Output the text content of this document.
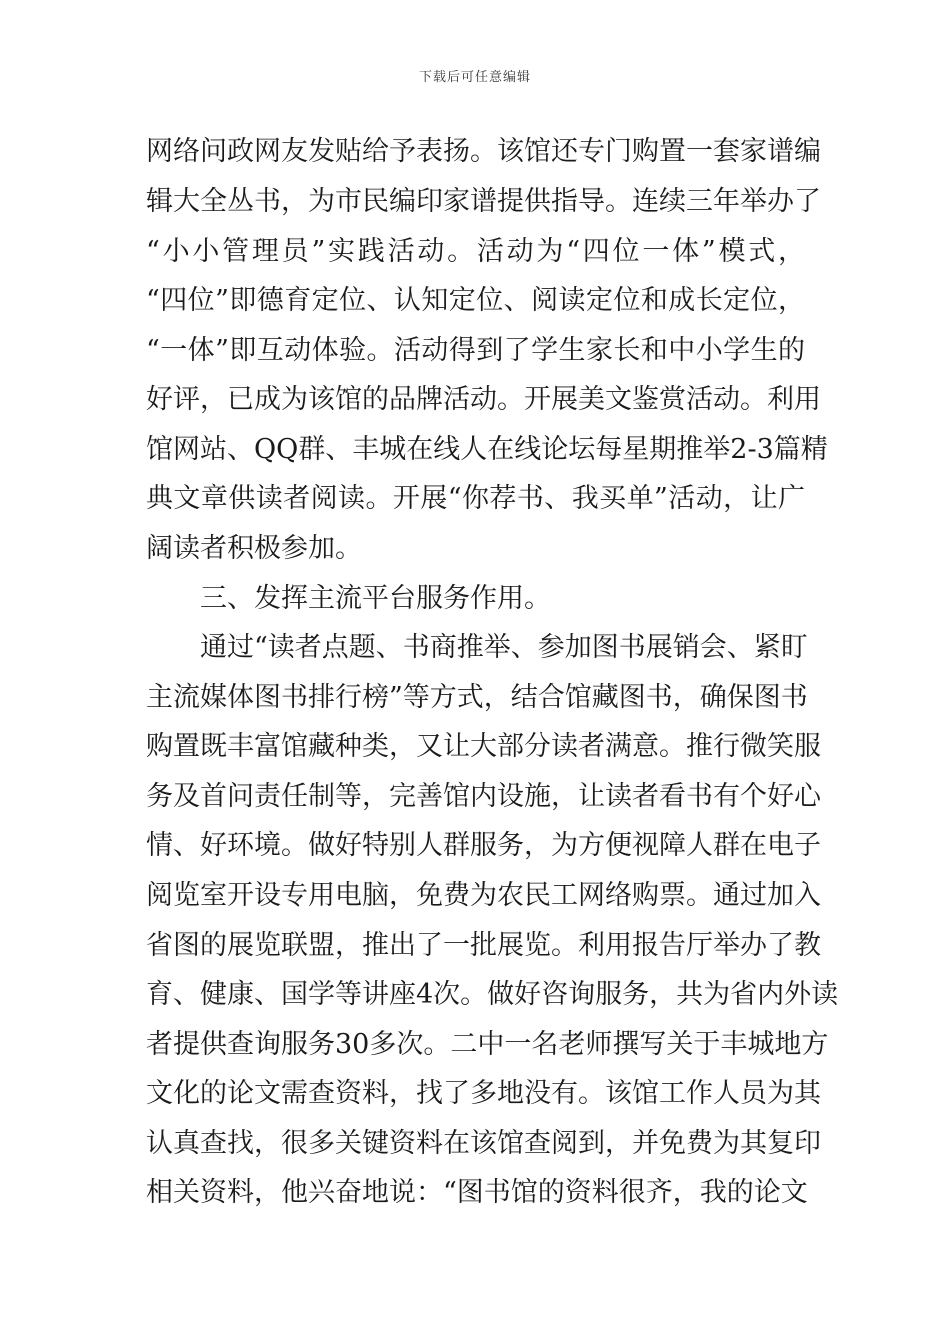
下载后可任意编辑
网络问政网友发贴给予表扬。该馆还专门购置一套家谱编
辑大全丛书，为市民编印家谱提供指导。连续三年举办了
“小小管理员”实践活动。活动为“四位一体”模式，
“四位”即德育定位、认知定位、阅读定位和成长定位，
“一体”即互动体验。活动得到了学生家长和中小学生的
好评，已成为该馆的品牌活动。开展美文鉴赏活动。利用
馆网站、QQ群、丰城在线人在线论坛每星期推举2-3篇精
典文章供读者阅读。开展“你荐书、我买单”活动，让广
阔读者积极参加。
三、发挥主流平台服务作用。
通过“读者点题、书商推举、参加图书展销会、紧盯
主流媒体图书排行榜”等方式，结合馆藏图书，确保图书
购置既丰富馆藏种类，又让大部分读者满意。推行微笑服
务及首问责任制等，完善馆内设施，让读者看书有个好心
情、好环境。做好特别人群服务，为方便视障人群在电子
阅览室开设专用电脑，免费为农民工网络购票。通过加入
省图的展览联盟，推出了一批展览。利用报告厅举办了教
育、健康、国学等讲座4次。做好咨询服务，共为省内外读
者提供查询服务30多次。二中一名老师撰写关于丰城地方
文化的论文需查资料，找了多地没有。该馆工作人员为其
认真查找，很多关键资料在该馆查阅到，并免费为其复印
相关资料，他兴奋地说：“图书馆的资料很齐，我的论文
